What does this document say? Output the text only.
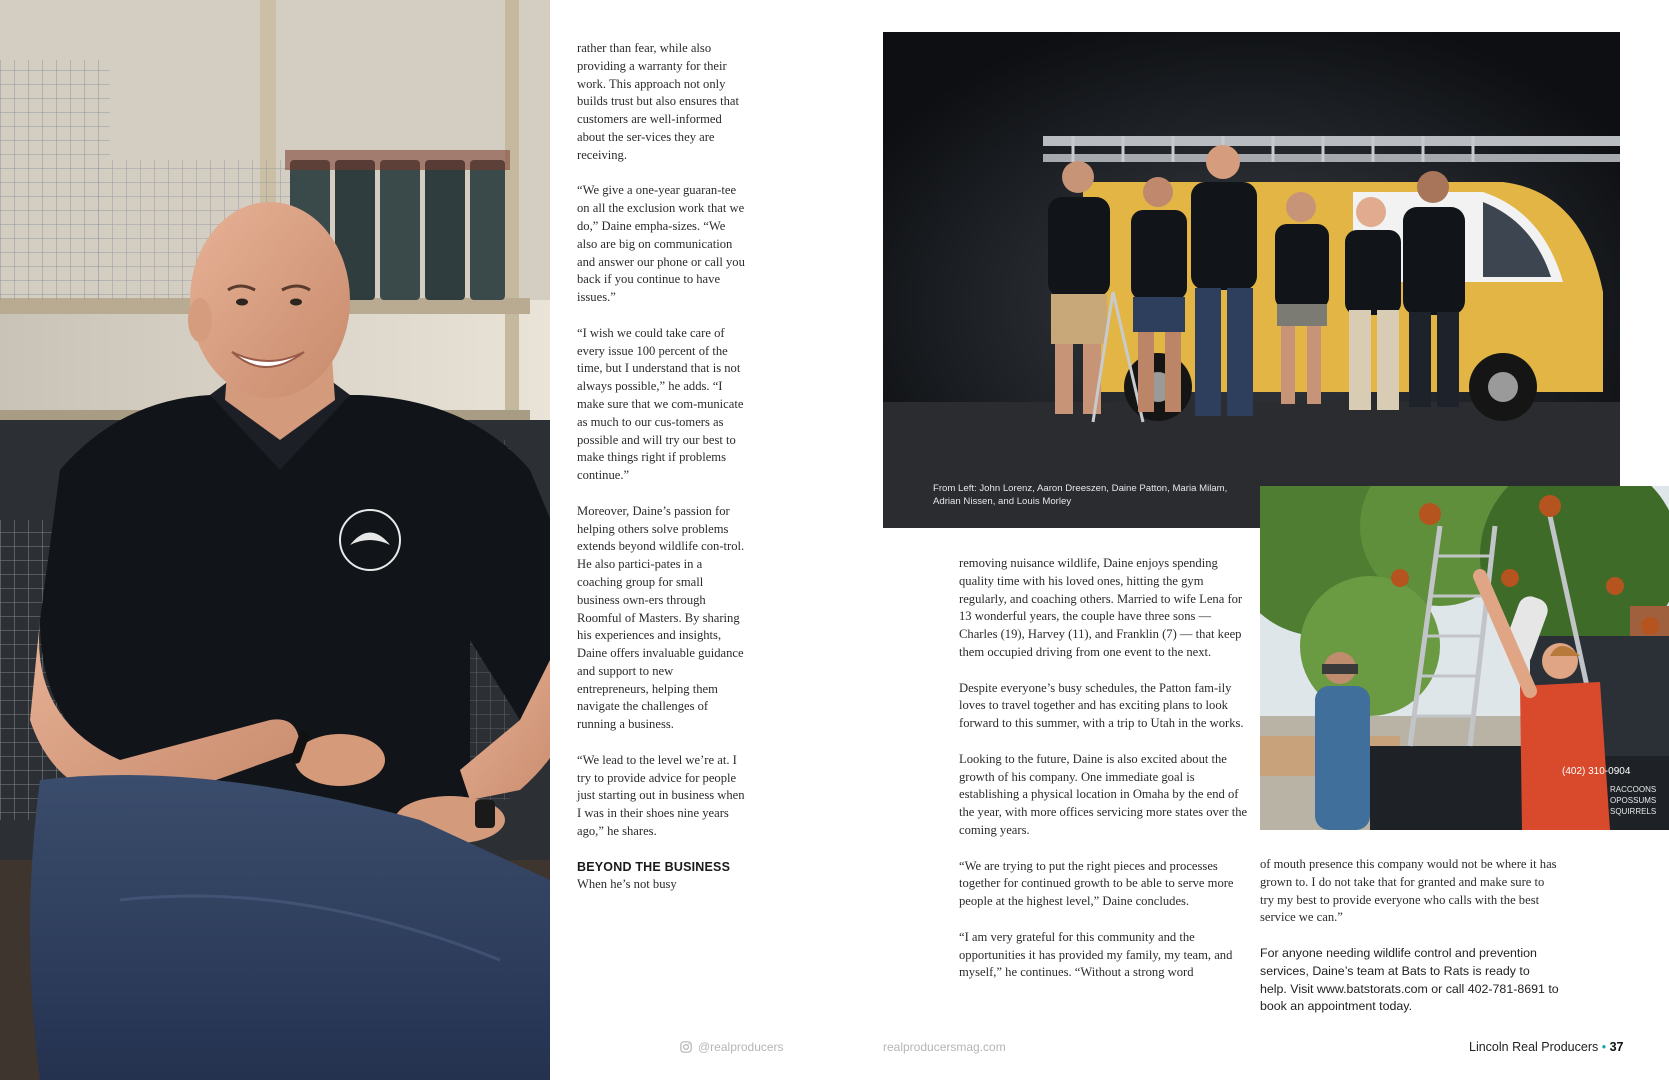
From Left: John Lorenz, Aaron Dreeszen, Daine Patton, Maria Milam,
Adrian Nissen, and Louis Morley
(402) 310-0904
RACCOONS
OPOSSUMS
SQUIRRELS

rather than fear, while also providing a warranty for their work. This approach not only builds trust but also ensures that customers are well-informed about the ser-vices they are receiving.

“We give a one-year guaran-tee on all the exclusion work that we do,” Daine empha-sizes. “We also are big on communication and answer our phone or call you back if you continue to have issues.”

“I wish we could take care of every issue 100 percent of the time, but I understand that is not always possible,” he adds. “I make sure that we com-municate as much to our cus-tomers as possible and will try our best to make things right if problems continue.”

Moreover, Daine’s passion for helping others solve problems extends beyond wildlife con-trol. He also partici-pates in a coaching group for small business own-ers through Roomful of Masters. By sharing his experiences and insights, Daine offers invaluable guidance and support to new entrepreneurs, helping them navigate the challenges of running a business.

“We lead to the level we’re at. I try to provide advice for people just starting out in business when I was in their shoes nine years ago,” he shares.

BEYOND THE BUSINESS
When he’s not busy

removing nuisance wildlife, Daine enjoys spending quality time with his loved ones, hitting the gym regularly, and coaching others. Married to wife Lena for 13 wonderful years, the couple have three sons — Charles (19), Harvey (11), and Franklin (7) — that keep them occupied driving from one event to the next.

Despite everyone’s busy schedules, the Patton fam-ily loves to travel together and has exciting plans to look forward to this summer, with a trip to Utah in the works.

Looking to the future, Daine is also excited about the growth of his company. One immediate goal is establishing a physical location in Omaha by the end of the year, with more offices servicing more states over the coming years.

“We are trying to put the right pieces and processes together for continued growth to be able to serve more people at the highest level,” Daine concludes.

“I am very grateful for this community and the opportunities it has provided my family, my team, and myself,” he continues. “Without a strong word

of mouth presence this company would not be where it has grown to. I do not take that for granted and make sure to try my best to provide everyone who calls with the best service we can.”

For anyone needing wildlife control and prevention services, Daine’s team at Bats to Rats is ready to help. Visit www.batstorats.com or call 402-781-8691 to book an appointment today.

@realproducers	realproducersmag.com	Lincoln Real Producers • 37
